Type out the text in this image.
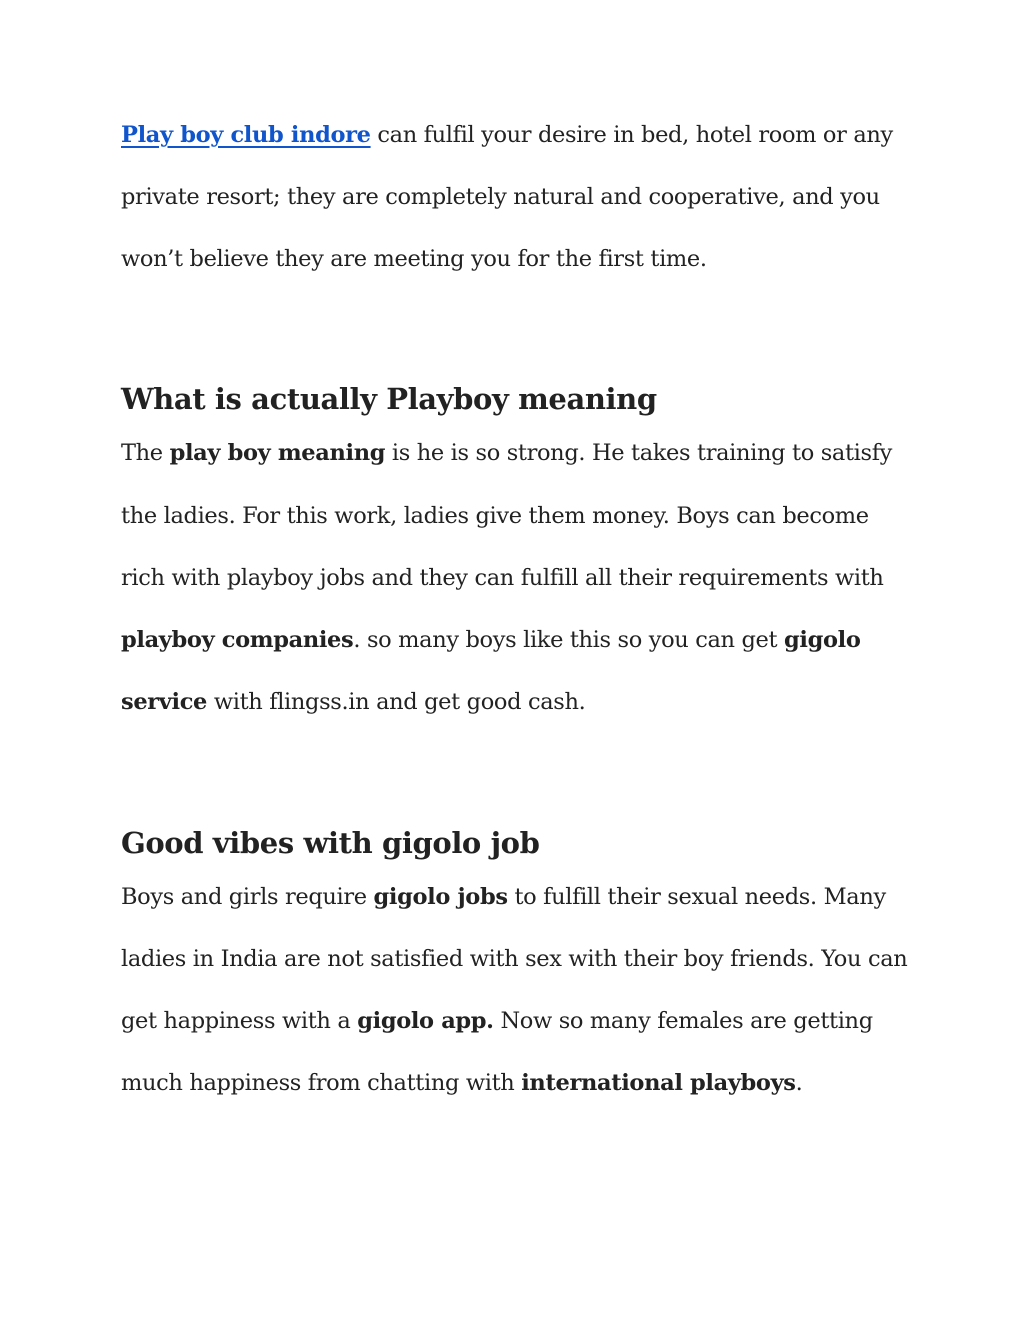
Play boy club indore can fulfil your desire in bed, hotel room or any
private resort; they are completely natural and cooperative, and you
won’t believe they are meeting you for the first time.
What is actually Playboy meaning
The play boy meaning is he is so strong. He takes training to satisfy
the ladies. For this work, ladies give them money. Boys can become
rich with playboy jobs and they can fulfill all their requirements with
playboy companies. so many boys like this so you can get gigolo
service with flingss.in and get good cash.
Good vibes with gigolo job
Boys and girls require gigolo jobs to fulfill their sexual needs. Many
ladies in India are not satisfied with sex with their boy friends. You can
get happiness with a gigolo app. Now so many females are getting
much happiness from chatting with international playboys.
